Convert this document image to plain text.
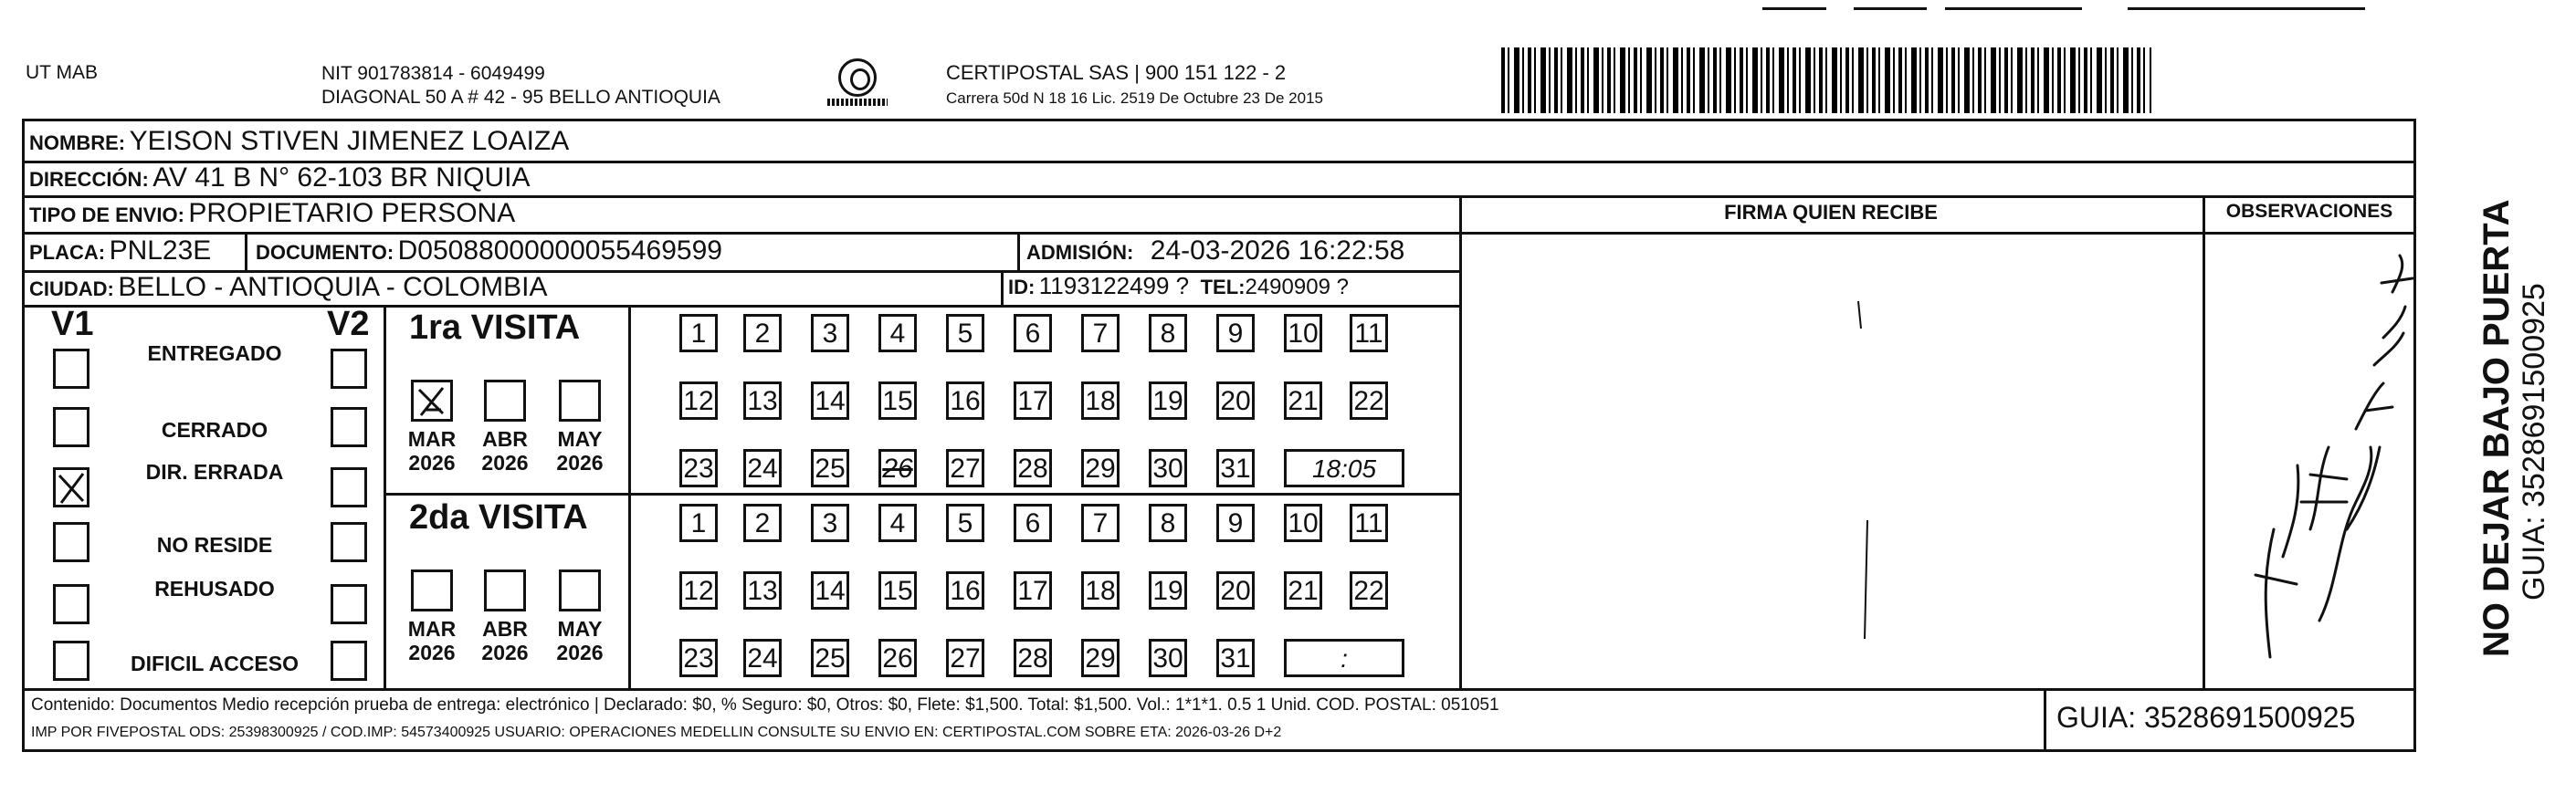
UT MAB	NIT 901783814 - 6049499
DIAGONAL 50 A # 42 - 95 BELLO ANTIOQUIA
CERTIPOSTAL SAS | 900 151 122 - 2
Carrera 50d N 18 16 Lic. 2519 De Octubre 23 De 2015
NOMBRE: YEISON STIVEN JIMENEZ LOAIZA
DIRECCIÓN: AV 41 B N° 62-103 BR NIQUIA
TIPO DE ENVIO: PROPIETARIO PERSONA
PLACA: PNL23E DOCUMENTO: D05088000000055469599	ADMISIÓN: 24-03-2026 16:22:58
CIUDAD: BELLO - ANTIOQUIA - COLOMBIA	ID: 1193122499 ? TEL:2490909 ?
FIRMA QUIEN RECIBE	OBSERVACIONES
V1	V2
ENTREGADO
CERRADO
DIR. ERRADA
NO RESIDE
REHUSADO
DIFICIL ACCESO
1ra VISITA
MAR
2026
ABR
2026
MAY
2026
1	2	3	4	5	6	7	8	9	10 11
12 13 14 15 16 17 18 19 20 21 22
23 24 25 26 27 28 29 30 31	18:05
2da VISITA
MAR
2026
ABR
2026
MAY
2026
1	2	3	4	5	6	7	8	9	10 11
12 13 14 15 16 17 18 19 20 21 22
23 24 25 26 27 28 29 30 31	:
Contenido: Documentos Medio recepción prueba de entrega: electrónico | Declarado: $0, % Seguro: $0, Otros: $0, Flete: $1,500. Total: $1,500. Vol.: 1*1*1. 0.5 1 Unid. COD. POSTAL: 051051
IMP POR FIVEPOSTAL ODS: 25398300925 / COD.IMP: 54573400925 USUARIO: OPERACIONES MEDELLIN CONSULTE SU ENVIO EN: CERTIPOSTAL.COM SOBRE ETA: 2026-03-26 D+2	GUIA: 3528691500925
NO DEJAR BAJO PUERTA GUIA: 3528691500925
